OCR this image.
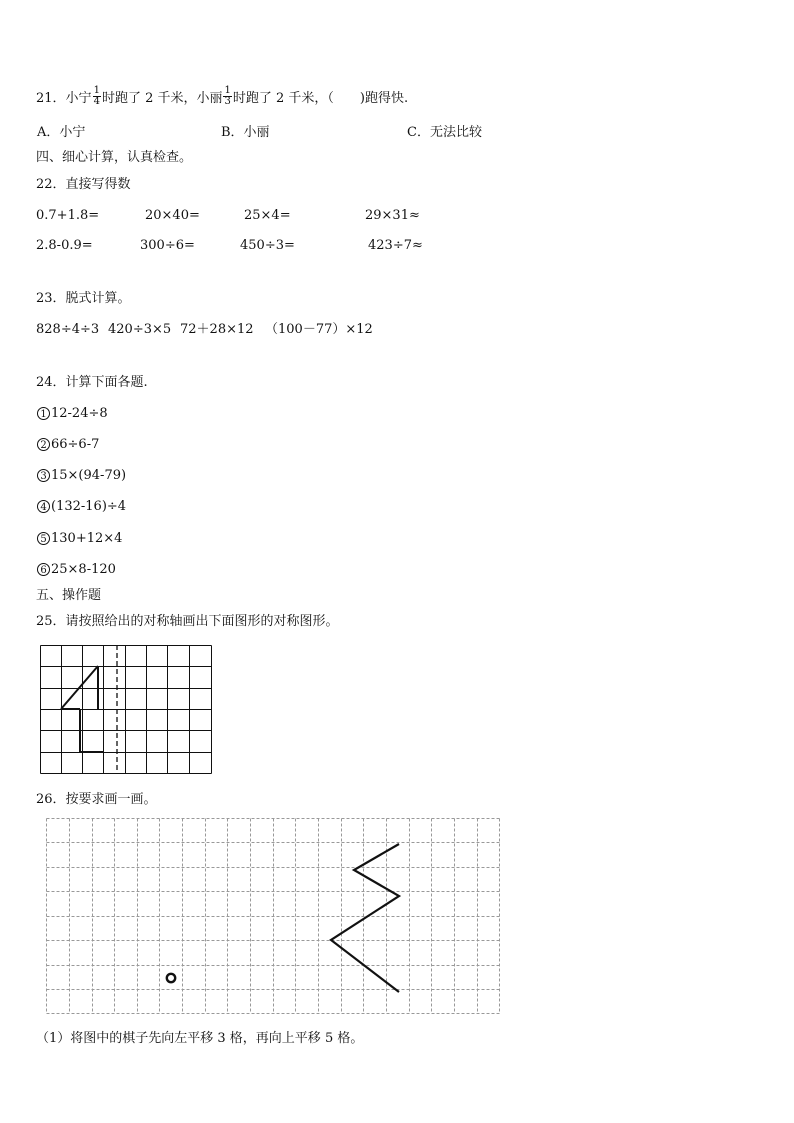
21．小宁 $\frac{1}{4}$ 时跑了 2 千米，小丽 $\frac{1}{3}$ 时跑了 2 千米，（　　)跑得快.
A．小宁	B．小丽	C．无法比较
四、细心计算，认真检查。
22．直接写得数
0.7+1.8=	20×40=	25×4=	29×31≈
2.8-0.9=	300÷6=	450÷3=	423÷7≈
23．脱式计算。
828÷4÷3 420÷3×5 72＋28×12 （100－77）×12
24．计算下面各题.
1 12-24÷8
2 66÷6-7
3 15×(94-79)
4 (132-16)÷4
5 130+12×4
6 25×8-120
五、操作题
25．请按照给出的对称轴画出下面图形的对称图形。
26．按要求画一画。
（1）将图中的棋子先向左平移 3 格，再向上平移 5 格。
